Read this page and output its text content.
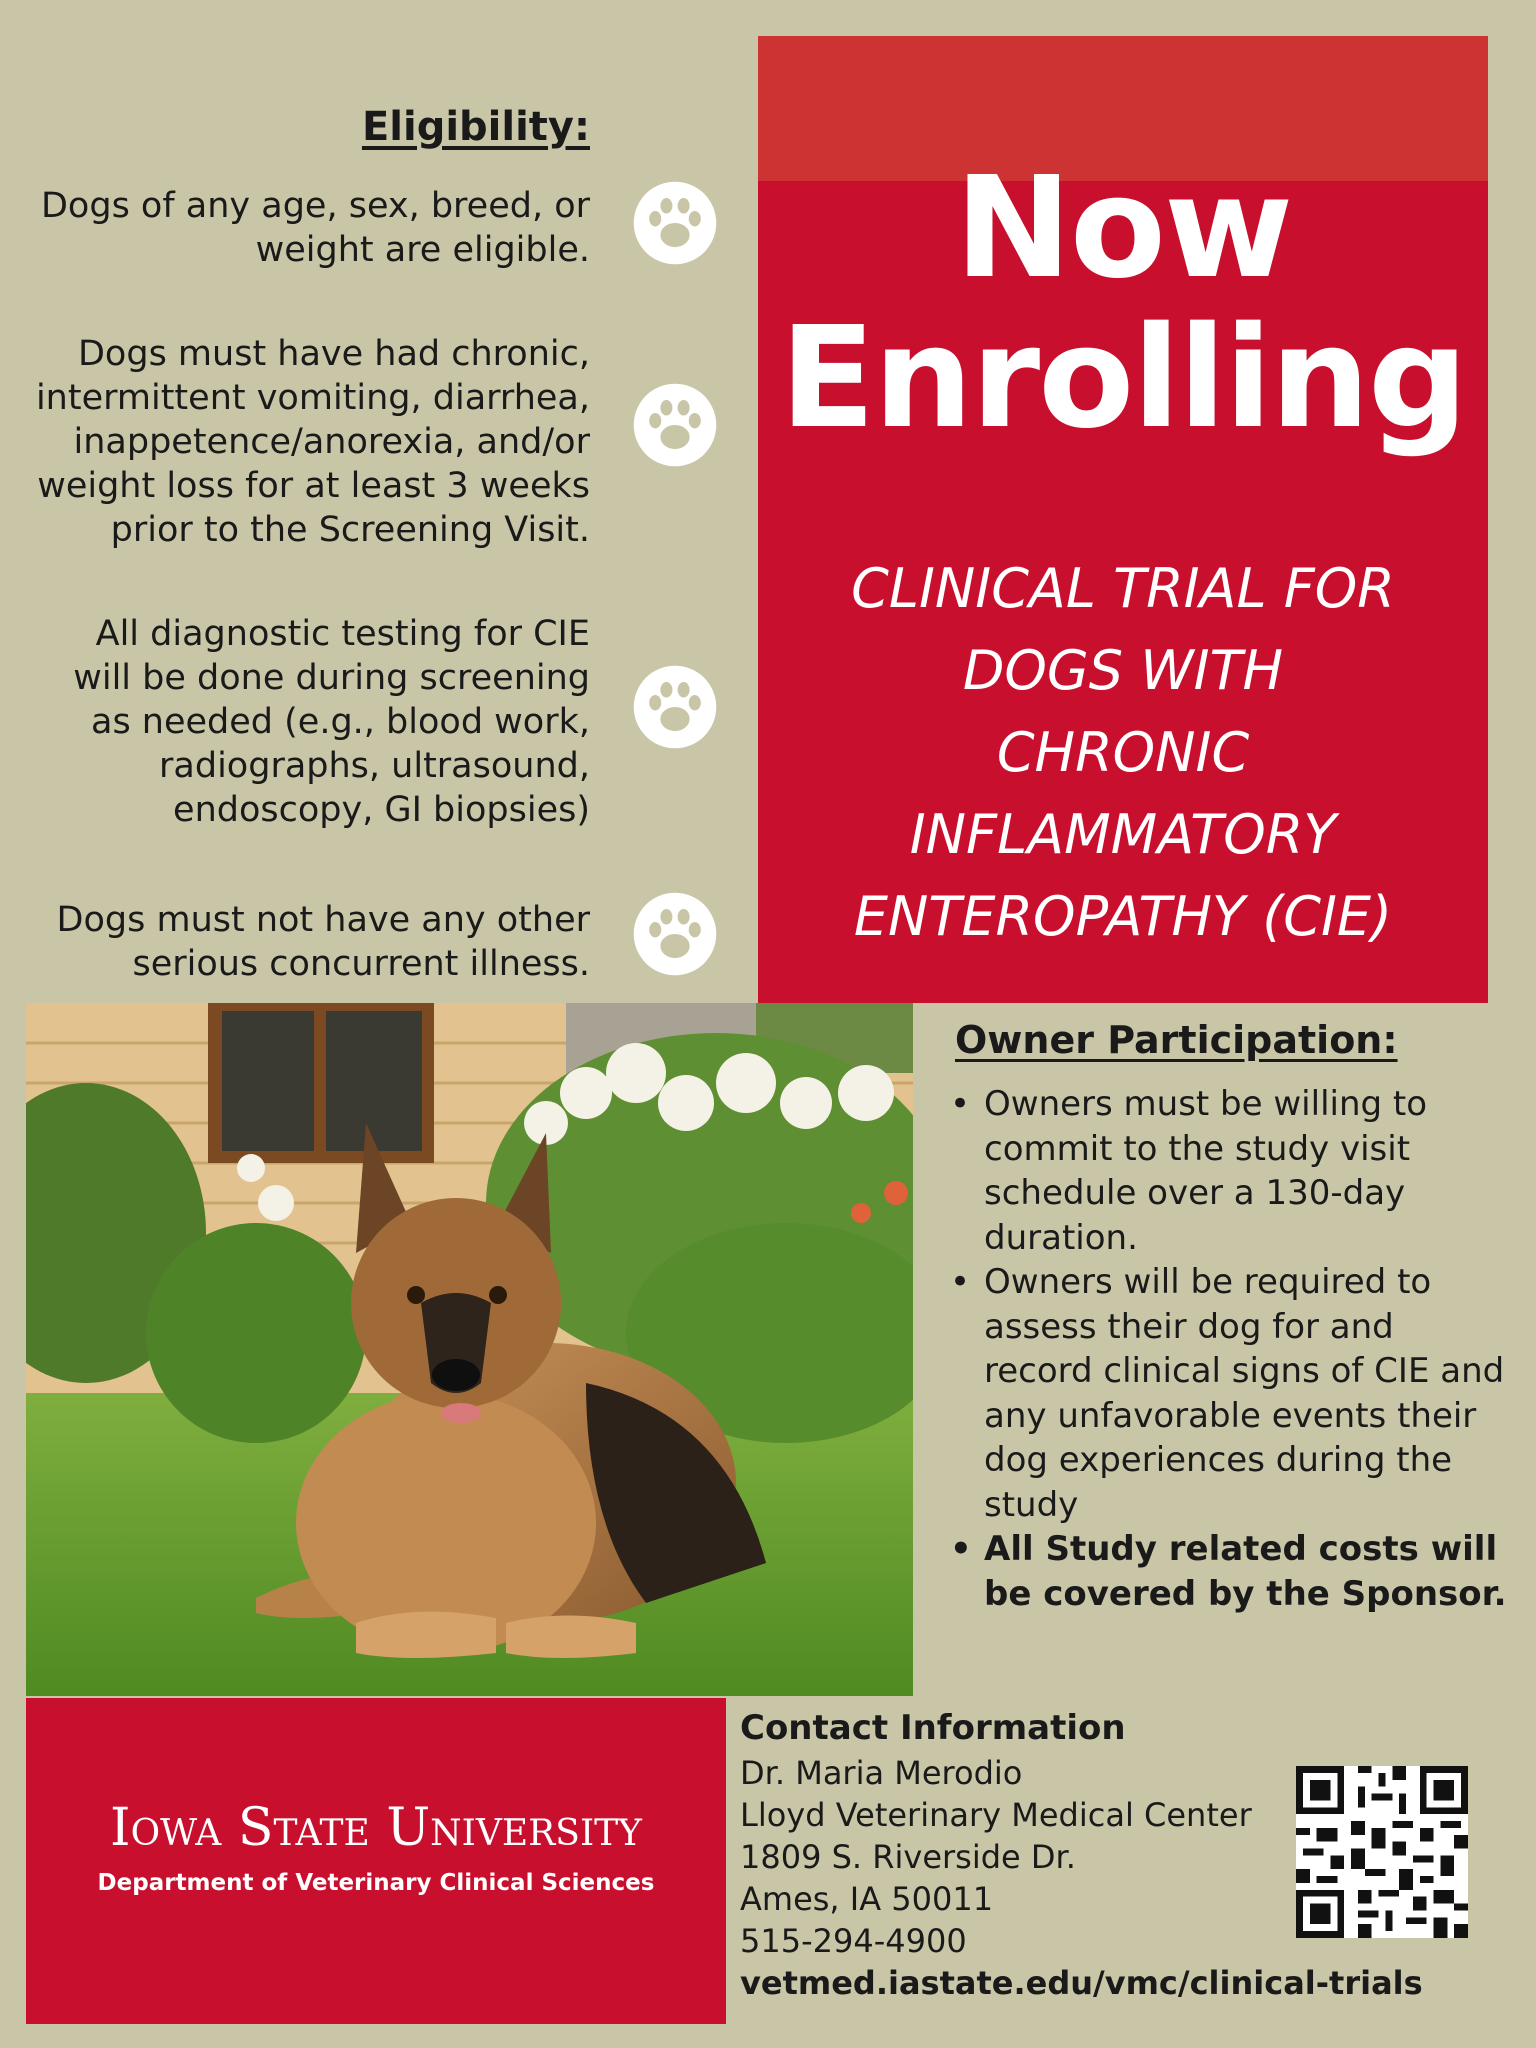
Eligibility:
Dogs of any age, sex, breed, or
weight are eligible.
Dogs must have had chronic,
intermittent vomiting, diarrhea,
inappetence/anorexia, and/or
weight loss for at least 3 weeks
prior to the Screening Visit.
All diagnostic testing for CIE
will be done during screening
as needed (e.g., blood work,
radiographs, ultrasound,
endoscopy, GI biopsies)
Dogs must not have any other
serious concurrent illness.
Now
Enrolling
CLINICAL TRIAL FOR
DOGS WITH
CHRONIC
INFLAMMATORY
ENTEROPATHY (CIE)
Owner Participation:
• Owners must be willing to commit to the study visit schedule over a 130-day duration.
• Owners will be required to assess their dog for and record clinical signs of CIE and any unfavorable events their dog experiences during the study
• All Study related costs will be covered by the Sponsor.
Iowa State University
Department of Veterinary Clinical Sciences
Contact Information
Dr. Maria Merodio
Lloyd Veterinary Medical Center
1809 S. Riverside Dr.
Ames, IA 50011
515-294-4900
vetmed.iastate.edu/vmc/clinical-trials
